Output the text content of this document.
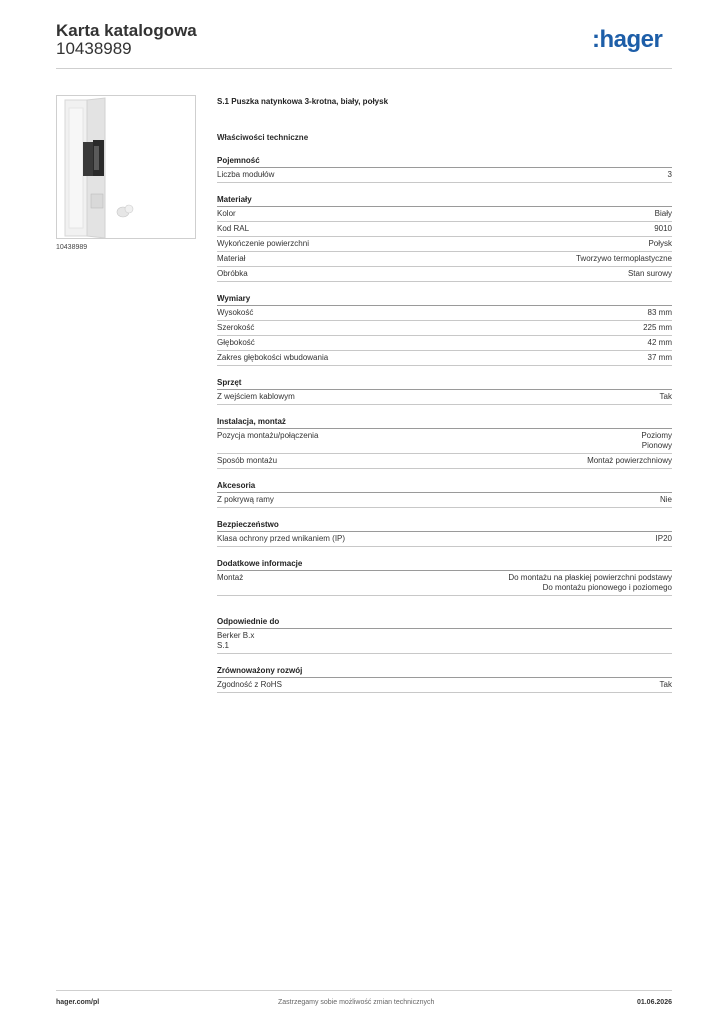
Karta katalogowa
10438989	:hager
10438989
S.1 Puszka natynkowa 3-krotna, biały, połysk
Właściwości techniczne
Pojemność
Liczba modułów	3
Materiały
Kolor	Biały
Kod RAL	9010
Wykończenie powierzchni	Połysk
Materiał	Tworzywo termoplastyczne
Obróbka	Stan surowy
Wymiary
Wysokość	83 mm
Szerokość	225 mm
Głębokość	42 mm
Zakres głębokości wbudowania	37 mm
Sprzęt
Z wejściem kablowym	Tak
Instalacja, montaż
Pozycja montażu/połączenia	Poziomy
Pionowy
Sposób montażu	Montaż powierzchniowy
Akcesoria
Z pokrywą ramy	Nie
Bezpieczeństwo
Klasa ochrony przed wnikaniem (IP)	IP20
Dodatkowe informacje
Montaż	Do montażu na płaskiej powierzchni podstawy
Do montażu pionowego i poziomego
Odpowiednie do
Berker B.x
S.1
Zrównoważony rozwój
Zgodność z RoHS	Tak
hager.com/pl	Zastrzegamy sobie możliwość zmian technicznych	01.06.2026
